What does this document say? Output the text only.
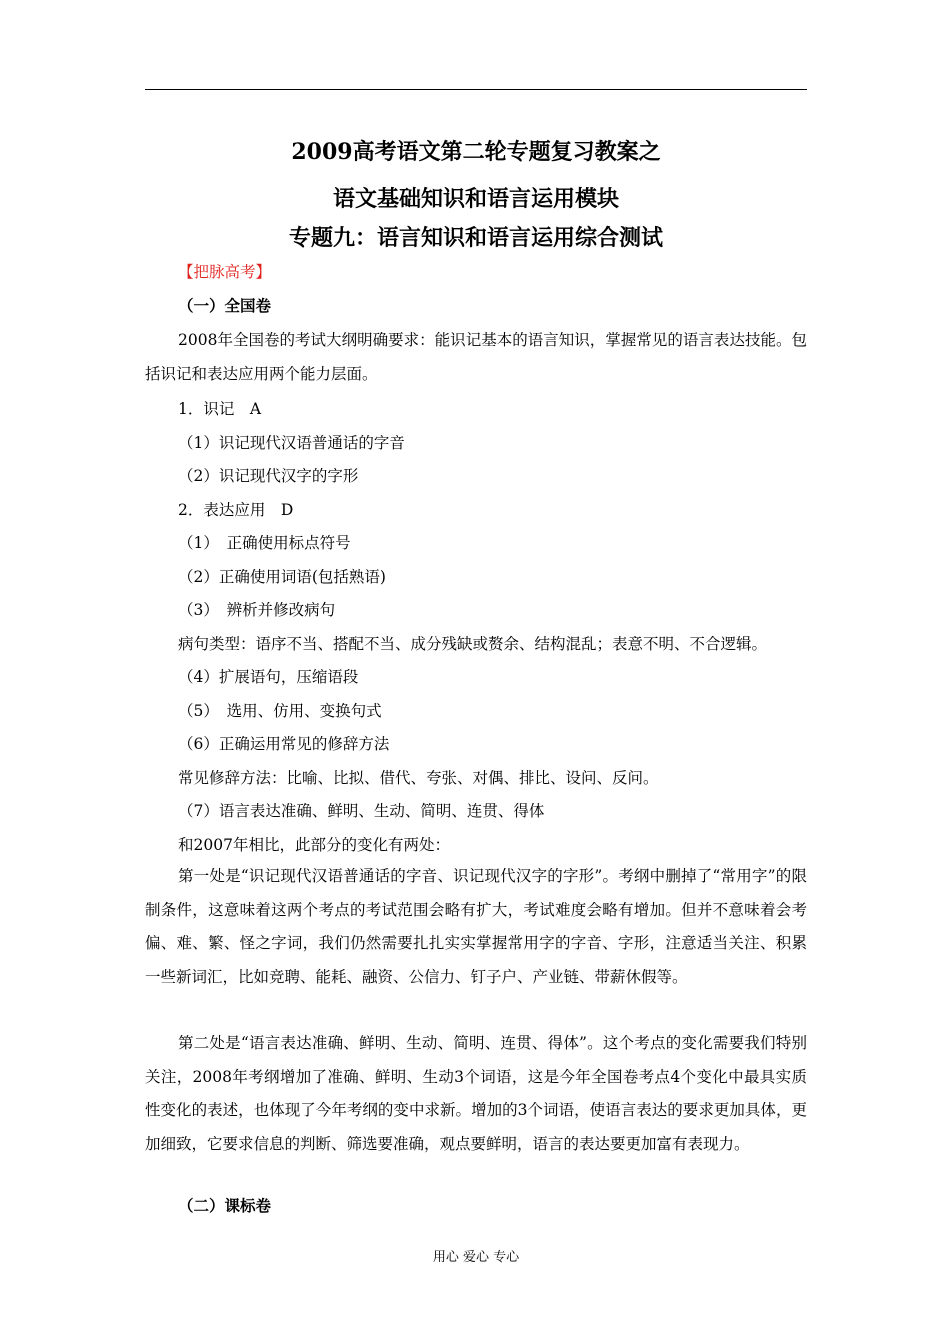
2009高考语文第二轮专题复习教案之
语文基础知识和语言运用模块
专题九：语言知识和语言运用综合测试
【把脉高考】
（一）全国卷
2008年全国卷的考试大纲明确要求：能识记基本的语言知识，掌握常见的语言表达技能。包括识记和表达应用两个能力层面。
1．识记　A
（1）识记现代汉语普通话的字音
（2）识记现代汉字的字形
2．表达应用　D
（1）　正确使用标点符号
（2）正确使用词语(包括熟语)
（3）　辨析并修改病句
病句类型：语序不当、搭配不当、成分残缺或赘余、结构混乱；表意不明、不合逻辑。
（4）扩展语句，压缩语段
（5）　选用、仿用、变换句式
（6）正确运用常见的修辞方法
常见修辞方法：比喻、比拟、借代、夸张、对偶、排比、设问、反问。
（7）语言表达准确、鲜明、生动、简明、连贯、得体
和2007年相比，此部分的变化有两处：
第一处是“识记现代汉语普通话的字音、识记现代汉字的字形”。考纲中删掉了“常用字”的限制条件，这意味着这两个考点的考试范围会略有扩大，考试难度会略有增加。但并不意味着会考偏、难、繁、怪之字词，我们仍然需要扎扎实实掌握常用字的字音、字形，注意适当关注、积累一些新词汇，比如竞聘、能耗、融资、公信力、钉子户、产业链、带薪休假等。
第二处是“语言表达准确、鲜明、生动、简明、连贯、得体”。这个考点的变化需要我们特别关注，2008年考纲增加了准确、鲜明、生动3个词语，这是今年全国卷考点4个变化中最具实质性变化的表述，也体现了今年考纲的变中求新。增加的3个词语，使语言表达的要求更加具体，更加细致，它要求信息的判断、筛选要准确，观点要鲜明，语言的表达要更加富有表现力。
（二）课标卷
用心 爱心 专心
